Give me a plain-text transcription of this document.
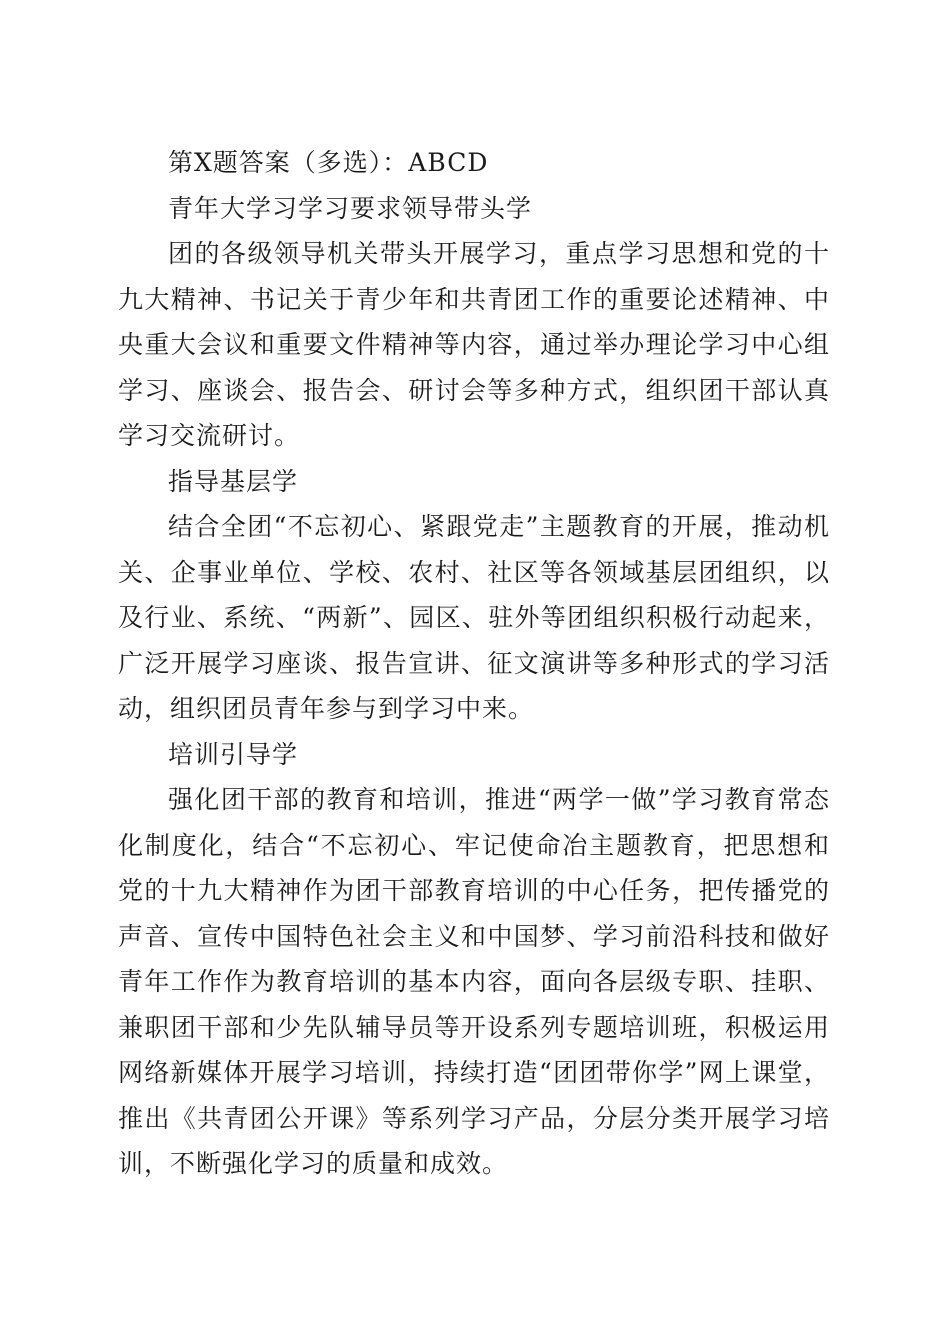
第X题答案（多选）：ABCD

青年大学习学习要求领导带头学

团的各级领导机关带头开展学习，重点学习思想和党的十九大精神、书记关于青少年和共青团工作的重要论述精神、中央重大会议和重要文件精神等内容，通过举办理论学习中心组学习、座谈会、报告会、研讨会等多种方式，组织团干部认真学习交流研讨。

指导基层学

结合全团“不忘初心、紧跟党走”主题教育的开展，推动机关、企事业单位、学校、农村、社区等各领域基层团组织，以及行业、系统、“两新”、园区、驻外等团组织积极行动起来，广泛开展学习座谈、报告宣讲、征文演讲等多种形式的学习活动，组织团员青年参与到学习中来。

培训引导学

强化团干部的教育和培训，推进“两学一做”学习教育常态化制度化，结合“不忘初心、牢记使命冶主题教育，把思想和党的十九大精神作为团干部教育培训的中心任务，把传播党的声音、宣传中国特色社会主义和中国梦、学习前沿科技和做好青年工作作为教育培训的基本内容，面向各层级专职、挂职、兼职团干部和少先队辅导员等开设系列专题培训班，积极运用网络新媒体开展学习培训，持续打造“团团带你学”网上课堂，推出《共青团公开课》等系列学习产品，分层分类开展学习培训，不断强化学习的质量和成效。
